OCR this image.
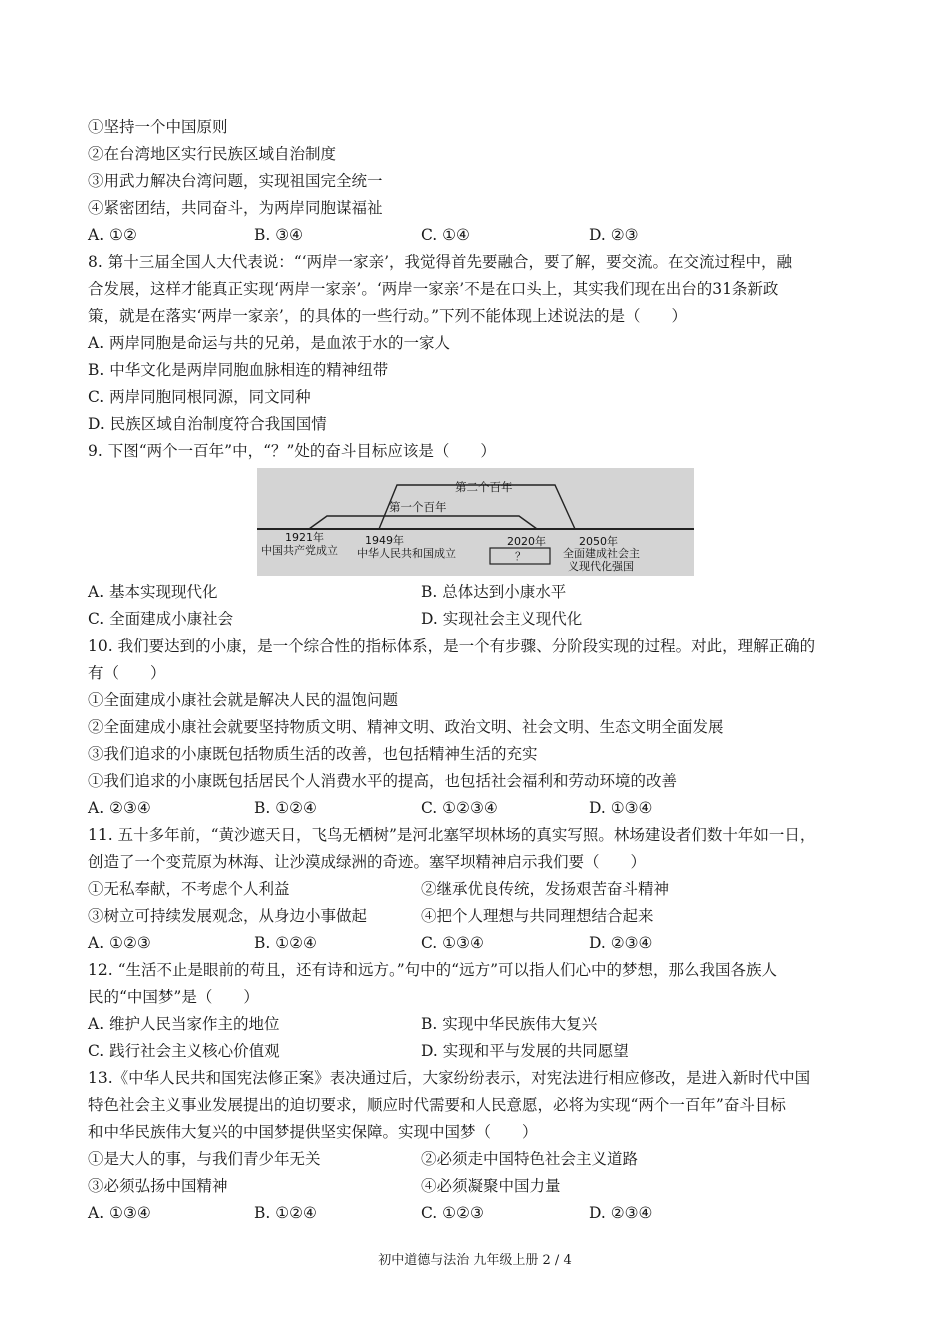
①坚持一个中国原则
②在台湾地区实行民族区域自治制度
③用武力解决台湾问题，实现祖国完全统一
④紧密团结，共同奋斗，为两岸同胞谋福祉
A. ①②	B. ③④	C. ①④	D. ②③
8. 第十三届全国人大代表说：“‘两岸一家亲’，我觉得首先要融合，要了解，要交流。在交流过程中，融
合发展，这样才能真正实现‘两岸一家亲’。‘两岸一家亲’不是在口头上，其实我们现在出台的31条新政
策，就是在落实‘两岸一家亲’，的具体的一些行动。”下列不能体现上述说法的是（　　）
A. 两岸同胞是命运与共的兄弟，是血浓于水的一家人
B. 中华文化是两岸同胞血脉相连的精神纽带
C. 两岸同胞同根同源，同文同种
D. 民族区域自治制度符合我国国情
9. 下图“两个一百年”中，“？”处的奋斗目标应该是（　　）
第二个百年
第一个百年
1921年
中国共产党成立
1949年
中华人民共和国成立
2020年
？
2050年
全面建成社会主
义现代化强国
A. 基本实现现代化	B. 总体达到小康水平
C. 全面建成小康社会	D. 实现社会主义现代化
10. 我们要达到的小康，是一个综合性的指标体系，是一个有步骤、分阶段实现的过程。对此，理解正确的
有（　　）
①全面建成小康社会就是解决人民的温饱问题
②全面建成小康社会就要坚持物质文明、精神文明、政治文明、社会文明、生态文明全面发展
③我们追求的小康既包括物质生活的改善，也包括精神生活的充实
①我们追求的小康既包括居民个人消费水平的提高，也包括社会福利和劳动环境的改善
A. ②③④	B. ①②④	C. ①②③④	D. ①③④
11. 五十多年前，“黄沙遮天日，飞鸟无栖树”是河北塞罕坝林场的真实写照。林场建设者们数十年如一日，
创造了一个变荒原为林海、让沙漠成绿洲的奇迹。塞罕坝精神启示我们要（　　）
①无私奉献，不考虑个人利益	②继承优良传统，发扬艰苦奋斗精神
③树立可持续发展观念，从身边小事做起	④把个人理想与共同理想结合起来
A. ①②③	B. ①②④	C. ①③④	D. ②③④
12. “生活不止是眼前的苟且，还有诗和远方。”句中的“远方”可以指人们心中的梦想，那么我国各族人
民的“中国梦”是（　　）
A. 维护人民当家作主的地位	B. 实现中华民族伟大复兴
C. 践行社会主义核心价值观	D. 实现和平与发展的共同愿望
13.《中华人民共和国宪法修正案》表决通过后，大家纷纷表示，对宪法进行相应修改，是进入新时代中国
特色社会主义事业发展提出的迫切要求，顺应时代需要和人民意愿，必将为实现“两个一百年”奋斗目标
和中华民族伟大复兴的中国梦提供坚实保障。实现中国梦（　　）
①是大人的事，与我们青少年无关	②必须走中国特色社会主义道路
③必须弘扬中国精神	④必须凝聚中国力量
A. ①③④	B. ①②④	C. ①②③	D. ②③④
初中道德与法治 九年级上册 2 / 4
